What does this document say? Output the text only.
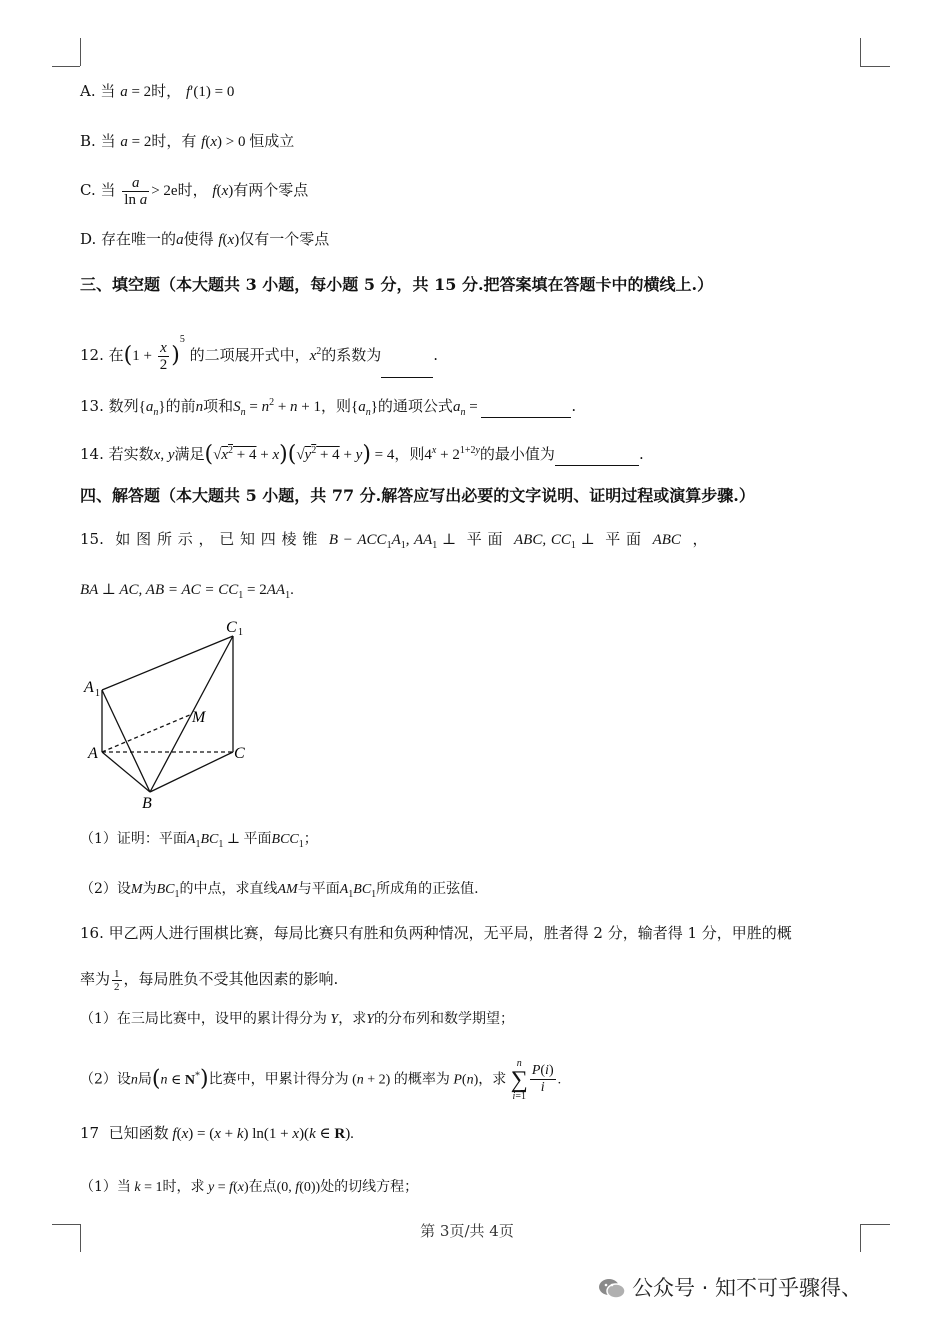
A. 当 a = 2时， f′(1) = 0
B. 当 a = 2时，有 f(x) > 0 恒成立
C. 当 $\frac{a}{\text{ln a}} > 2e$时， f(x)有两个零点
D. 存在唯一的a使得 f(x)仅有一个零点
三、填空题（本大题共 3 小题，每小题 5 分，共 15 分.把答案填在答题卡中的横线上.）
12. 在$(1 + \frac{x}{2} )^5$ 的二项展开式中，$x^2$的系数为	.
13. 数列$\{a_n\}$的前n项和$S_n = n^2 + n + 1$，则$\{a_n\}$的通项公式$a_n$ =	.
14. 若实数x, y满足$(√x^2 + 4 + x)(√y^2 + 4 + y) = 4$，则$4^x + 2^{1+2y}$的最小值为	.
四、解答题（本大题共 5 小题，共 77 分.解答应写出必要的文字说明、证明过程或演算步骤.）
15. 如 图 所 示 ， 已 知 四 棱 锥 $B - ACC_1A_1$, $AA_1$ ⊥  平 面 ABC, $CC_1$ ⊥  平 面 ABC ，
BA ⊥ AC, AB = AC = $CC_1 = 2AA_1$.
C 1
A 1
M
A	C
B
（1）证明：平面$A_1BC_1$ ⊥ 平面$BCC_1$；
（2）设M为$BC_1$的中点，求直线AM与平面$A_1BC_1$所成角的正弦值.
16. 甲乙两人进行围棋比赛，每局比赛只有胜和负两种情况，无平局，胜者得 2 分，输者得 1 分，甲胜的概
率为 $\frac{1}{2}$ ，每局胜负不受其他因素的影响.
（1）在三局比赛中，设甲的累计得分为 Y，求Y的分布列和数学期望；
（2）设n局(n ∈ N*)比赛中，甲累计得分为 (n + 2) 的概率为 P(n)，求
n
∑
$i=1 \frac{P(i)}{i}$ .
17 已知函数 f(x) = (x + k) ln(1 + x)(k ∈ R).
（1）当 k = 1时，求 y = f(x)在点(0, f(0))处的切线方程；
第 3页/共 4页
公众号 · 知不可乎骤得、
